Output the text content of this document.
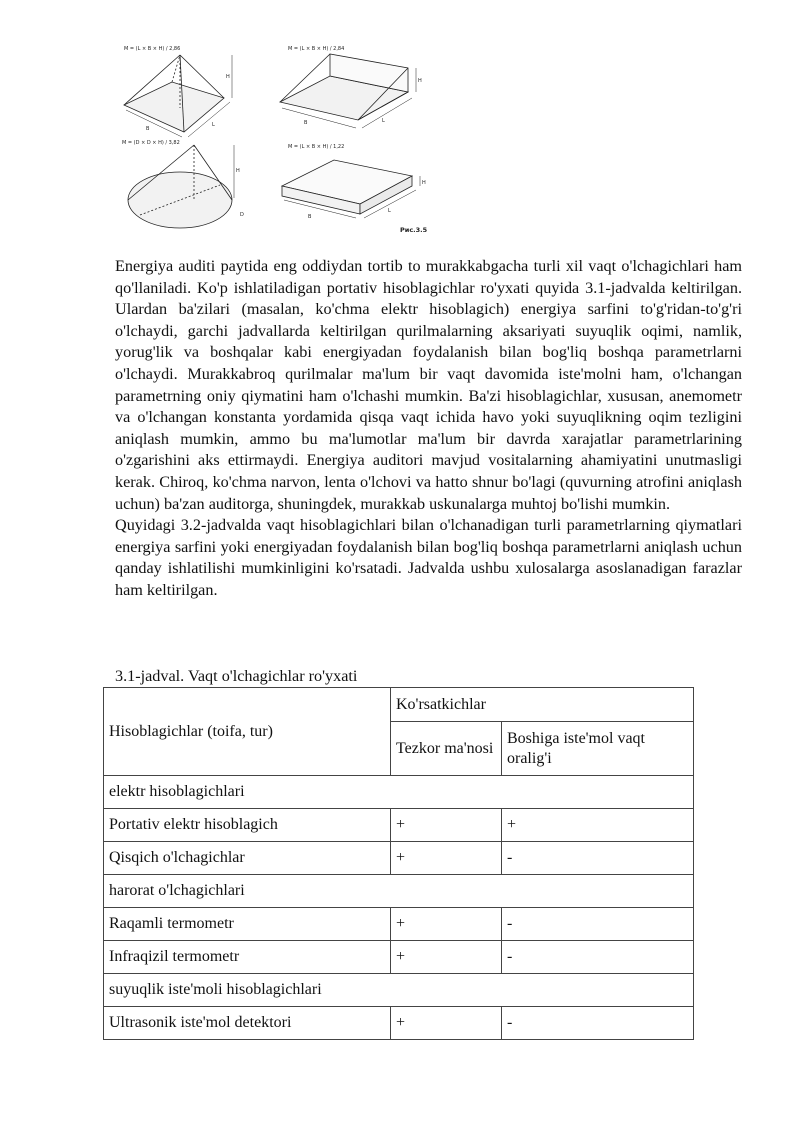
M = (L × B × H) / 2,86
H
B
L
M = (L × B × H) / 2,84
H
B	L
M = (D × D × H) / 3,82
H
D
M = (L × B × H) / 1,22
H
B
L
Рис.3.5

Energiya auditi paytida eng oddiydan tortib to murakkabgacha turli xil vaqt o'lchagichlari ham qo'llaniladi. Ko'p ishlatiladigan portativ hisoblagichlar ro'yxati quyida 3.1-jadvalda keltirilgan. Ulardan ba'zilari (masalan, ko'chma elektr hisoblagich) energiya sarfini to'g'ridan-to'g'ri o'lchaydi, garchi jadvallarda keltirilgan qurilmalarning aksariyati suyuqlik oqimi, namlik, yorug'lik va boshqalar kabi energiyadan foydalanish bilan bog'liq boshqa parametrlarni o'lchaydi. Murakkabroq qurilmalar ma'lum bir vaqt davomida iste'molni ham, o'lchangan parametrning oniy qiymatini ham o'lchashi mumkin. Ba'zi hisoblagichlar, xususan, anemometr va o'lchangan konstanta yordamida qisqa vaqt ichida havo yoki suyuqlikning oqim tezligini aniqlash mumkin, ammo bu ma'lumotlar ma'lum bir davrda xarajatlar parametrlarining o'zgarishini aks ettirmaydi. Energiya auditori mavjud vositalarning ahamiyatini unutmasligi kerak. Chiroq, ko'chma narvon, lenta o'lchovi va hatto shnur bo'lagi (quvurning atrofini aniqlash uchun) ba'zan auditorga, shuningdek, murakkab uskunalarga muhtoj bo'lishi mumkin.

Quyidagi 3.2-jadvalda vaqt hisoblagichlari bilan o'lchanadigan turli parametrlarning qiymatlari energiya sarfini yoki energiyadan foydalanish bilan bog'liq boshqa parametrlarni aniqlash uchun qanday ishlatilishi mumkinligini ko'rsatadi. Jadvalda ushbu xulosalarga asoslanadigan farazlar ham keltirilgan.

3.1-jadval. Vaqt o'lchagichlar ro'yxati
Hisoblagichlar (toifa, tur)	Ko'rsatkichlar	
	Tezkor ma'nosi	Boshiga iste'mol vaqt oralig'i
elektr hisoblagichlari		
Portativ elektr hisoblagich	+	+
Qisqich o'lchagichlar	+	-
harorat o'lchagichlari		
Raqamli termometr	+	-
Infraqizil termometr	+	-
suyuqlik iste'moli hisoblagichlari		
Ultrasonik iste'mol detektori	+	-
